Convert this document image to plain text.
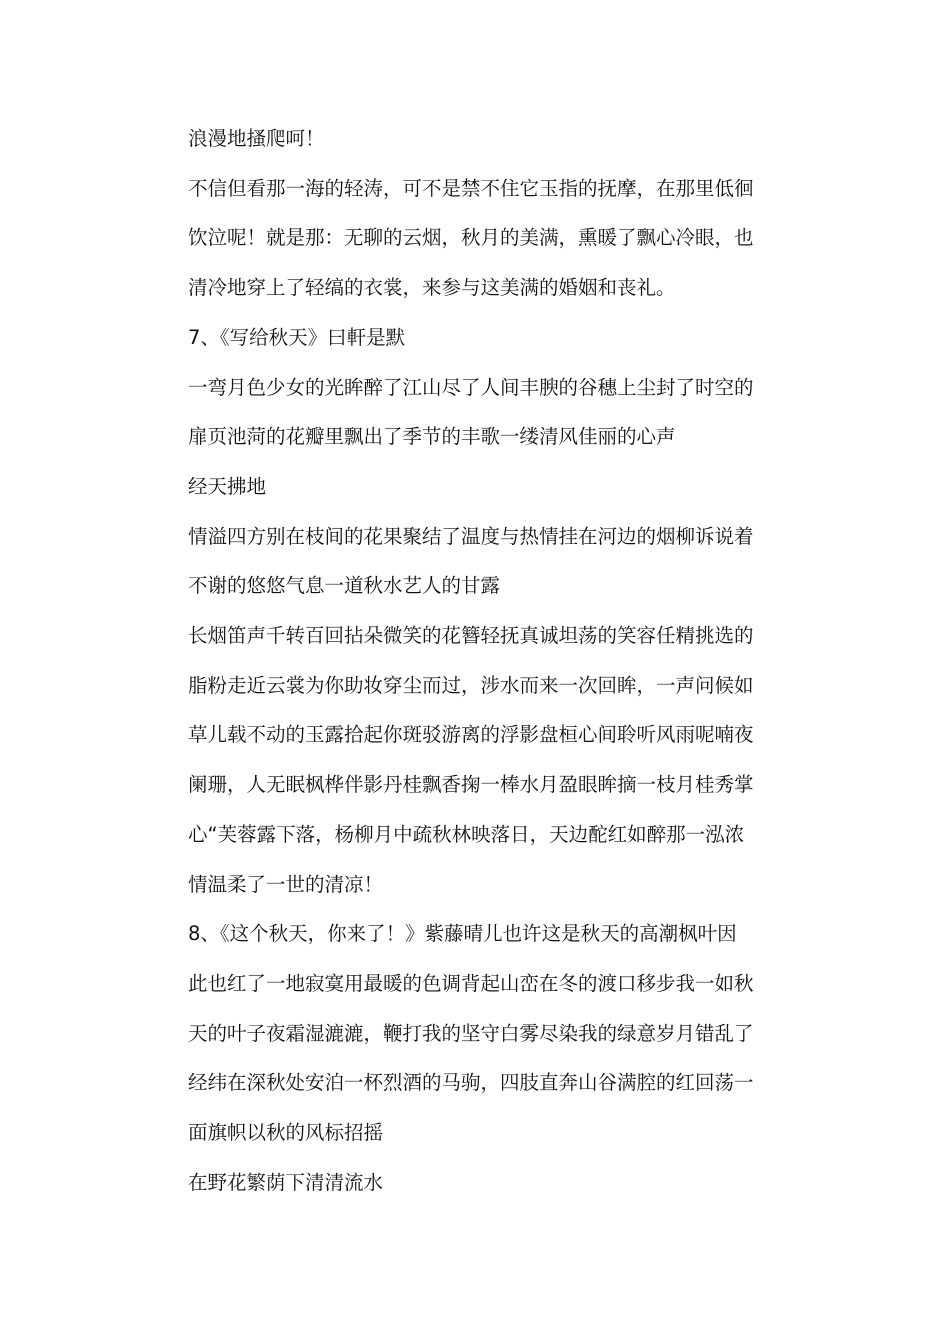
浪漫地搔爬呵！

不信但看那一海的轻涛，可不是禁不住它玉指的抚摩，在那里低徊

饮泣呢！就是那：无聊的云烟，秋月的美满，熏暖了飘心冷眼，也

清冷地穿上了轻缟的衣裳，来参与这美满的婚姻和丧礼。

7、《写给秋天》曰軒是默

一弯月色少女的光眸醉了江山尽了人间丰腴的谷穗上尘封了时空的

扉页池菏的花瓣里飘出了季节的丰歌一缕清风佳丽的心声

经天拂地

情溢四方别在枝间的花果聚结了温度与热情挂在河边的烟柳诉说着

不谢的悠悠气息一道秋水艺人的甘露

长烟笛声千转百回拈朵微笑的花簪轻抚真诚坦荡的笑容任精挑选的

脂粉走近云裳为你助妆穿尘而过，涉水而来一次回眸，一声问候如

草儿载不动的玉露拾起你斑驳游离的浮影盘桓心间聆听风雨呢喃夜

阑珊，人无眠枫桦伴影丹桂飘香掬一棒水月盈眼眸摘一枝月桂秀掌

心“芙蓉露下落，杨柳月中疏秋林映落日，天边酡红如醉那一泓浓

情温柔了一世的清凉！

8、《这个秋天，你来了！》紫藤晴儿也许这是秋天的高潮枫叶因

此也红了一地寂寞用最暖的色调背起山峦在冬的渡口移步我一如秋

天的叶子夜霜湿漉漉，鞭打我的坚守白雾尽染我的绿意岁月错乱了

经纬在深秋处安泊一杯烈酒的马驹，四肢直奔山谷满腔的红回荡一

面旗帜以秋的风标招摇

在野花繁荫下清清流水
